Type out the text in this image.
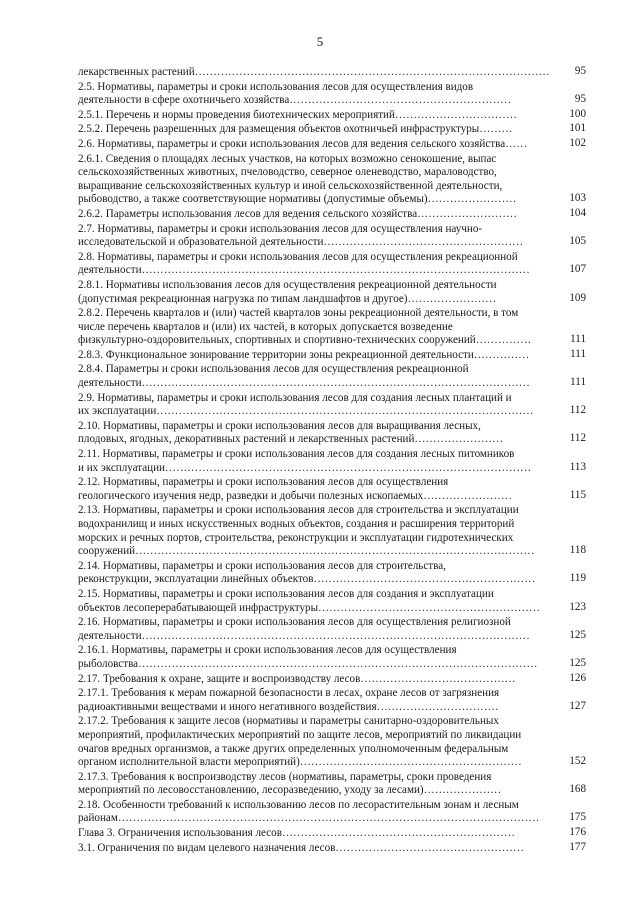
5
лекарственных растений……………………………………………………………………………………	95
2.5. Нормативы, параметры и сроки использования лесов для осуществления видов
деятельности в сфере охотничьего хозяйства……………………………………………………	95
2.5.1. Перечень и нормы проведения биотехнических мероприятий……………………………	100
2.5.2. Перечень разрешенных для размещения объектов охотничьей инфраструктуры………	101
2.6. Нормативы, параметры и сроки использования лесов для ведения сельского хозяйства……	102
2.6.1. Сведения о площадях лесных участков, на которых возможно сенокошение, выпас
сельскохозяйственных животных, пчеловодство, северное оленеводство, мараловодство,
выращивание сельскохозяйственных культур и иной сельскохозяйственной деятельности,
рыбоводство, а также соответствующие нормативы (допустимые объемы)……………………	103
2.6.2. Параметры использования лесов для ведения сельского хозяйства………………………	104
2.7. Нормативы, параметры и сроки использования лесов для осуществления научно-
исследовательской и образовательной деятельности………………………………………………	105
2.8. Нормативы, параметры и сроки использования лесов для осуществления рекреационной
деятельности……………………………………………………………………………………………	107
2.8.1. Нормативы использования лесов для осуществления рекреационной деятельности
(допустимая рекреационная нагрузка по типам ландшафтов и другое)……………………	109
2.8.2. Перечень кварталов и (или) частей кварталов зоны рекреационной деятельности, в том
числе перечень кварталов и (или) их частей, в которых допускается возведение
физкультурно-оздоровительных, спортивных и спортивно-технических сооружений……………	111
2.8.3. Функциональное зонирование территории зоны рекреационной деятельности……………	111
2.8.4. Параметры и сроки использования лесов для осуществления рекреационной
деятельности……………………………………………………………………………………………	111
2.9. Нормативы, параметры и сроки использования лесов для создания лесных плантаций и
их эксплуатации…………………………………………………………………………………………	112
2.10. Нормативы, параметры и сроки использования лесов для выращивания лесных,
плодовых, ягодных, декоративных растений и лекарственных растений……………………	112
2.11. Нормативы, параметры и сроки использования лесов для создания лесных питомников
и их эксплуатации………………………………………………………………………………………	113
2.12. Нормативы, параметры и сроки использования лесов для осуществления
геологического изучения недр, разведки и добычи полезных ископаемых……………………	115
2.13. Нормативы, параметры и сроки использования лесов для строительства и эксплуатации
водохранилищ и иных искусственных водных объектов, создания и расширения территорий
морских и речных портов, строительства, реконструкции и эксплуатации гидротехнических
сооружений………………………………………………………………………………………………	118
2.14. Нормативы, параметры и сроки использования лесов для строительства,
реконструкции, эксплуатации линейных объектов……………………………………………………	119
2.15. Нормативы, параметры и сроки использования лесов для создания и эксплуатации
объектов лесоперерабатывающей инфраструктуры……………………………………………………	123
2.16. Нормативы, параметры и сроки использования лесов для осуществления религиозной
деятельности……………………………………………………………………………………………	125
2.16.1. Нормативы, параметры и сроки использования лесов для осуществления
рыболовства………………………………………………………………………………………………	125
2.17. Требования к охране, защите и воспроизводству лесов……………………………………	126
2.17.1. Требования к мерам пожарной безопасности в лесах, охране лесов от загрязнения
радиоактивными веществами и иного негативного воздействия……………………………	127
2.17.2. Требования к защите лесов (нормативы и параметры санитарно-оздоровительных
мероприятий, профилактических мероприятий по защите лесов, мероприятий по ликвидации
очагов вредных организмов, а также других определенных уполномоченным федеральным
органом исполнительной власти мероприятий)……………………………………………………	152
2.17.3. Требования к воспроизводству лесов (нормативы, параметры, сроки проведения
мероприятий по лесовосстановлению, лесоразведению, уходу за лесами)…………………	168
2.18. Особенности требований к использованию лесов по лесорастительным зонам и лесным
районам……………………………………………………………………………………………………	175
Глава 3. Ограничения использования лесов………………………………………………………	176
3.1. Ограничения по видам целевого назначения лесов……………………………………………	177
